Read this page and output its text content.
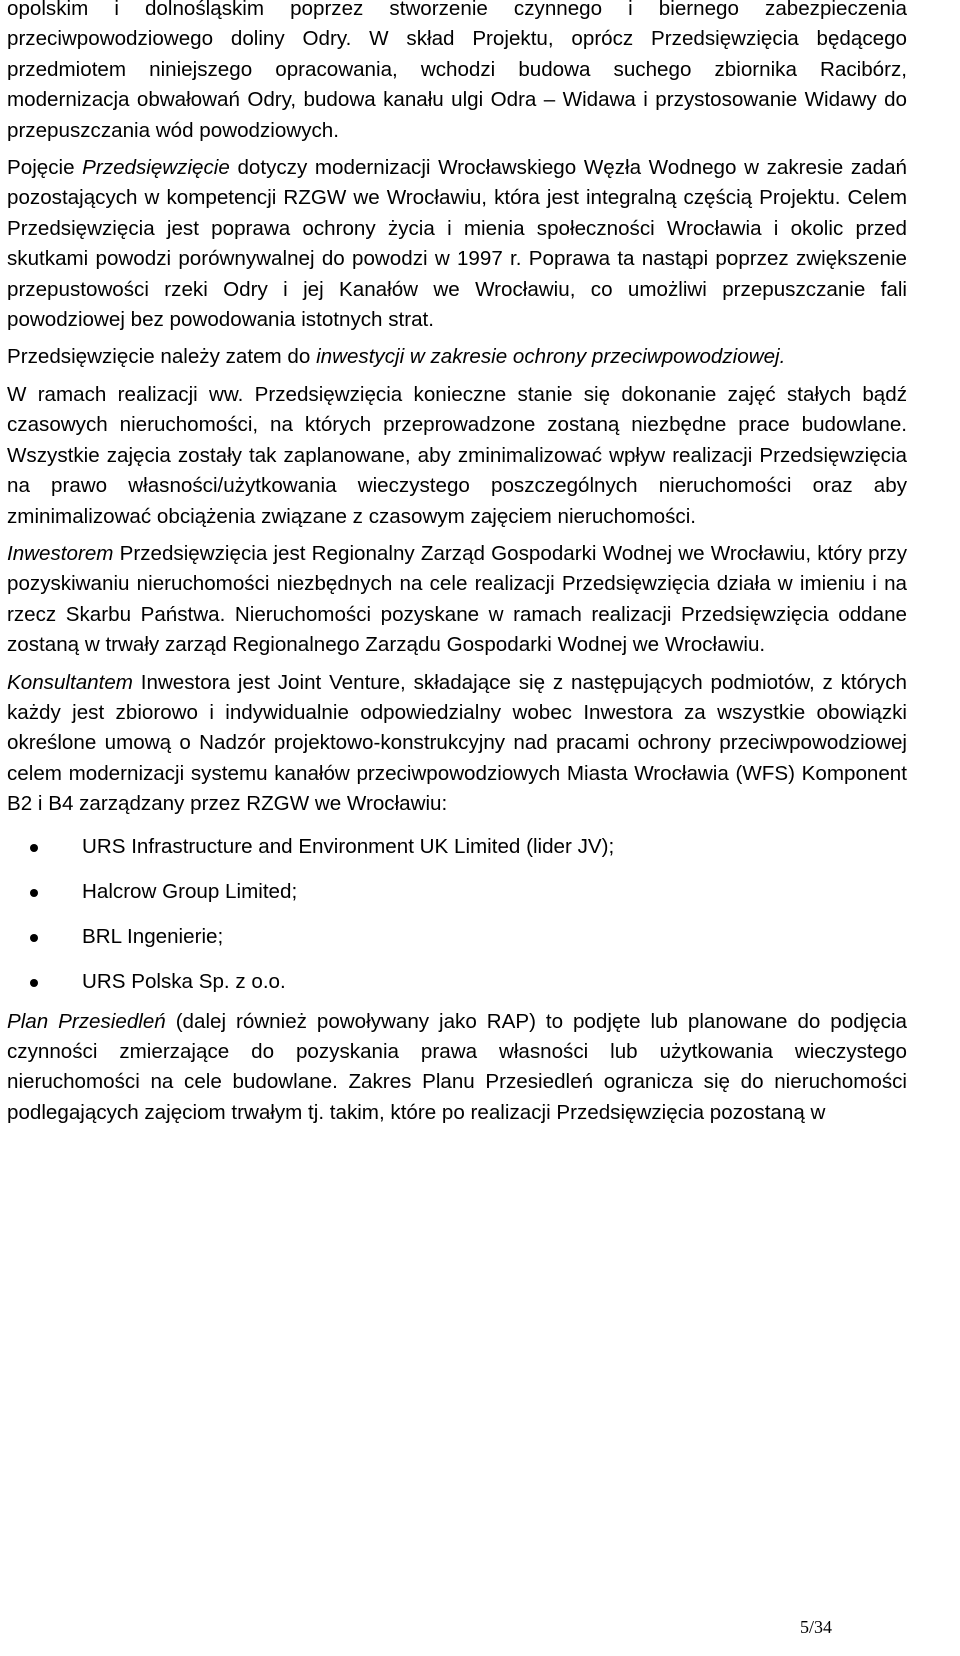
opolskim i dolnośląskim poprzez stworzenie czynnego i biernego zabezpieczenia przeciwpowodziowego doliny Odry. W skład Projektu, oprócz Przedsięwzięcia będącego przedmiotem niniejszego opracowania, wchodzi budowa suchego zbiornika Racibórz, modernizacja obwałowań Odry, budowa kanału ulgi Odra – Widawa i przystosowanie Widawy do przepuszczania wód powodziowych.

Pojęcie Przedsięwzięcie dotyczy modernizacji Wrocławskiego Węzła Wodnego w zakresie zadań pozostających w kompetencji RZGW we Wrocławiu, która jest integralną częścią Projektu. Celem Przedsięwzięcia jest poprawa ochrony życia i mienia społeczności Wrocławia i okolic przed skutkami powodzi porównywalnej do powodzi w 1997 r. Poprawa ta nastąpi poprzez zwiększenie przepustowości rzeki Odry i jej Kanałów we Wrocławiu, co umożliwi przepuszczanie fali powodziowej bez powodowania istotnych strat.

Przedsięwzięcie należy zatem do inwestycji w zakresie ochrony przeciwpowodziowej.

W ramach realizacji ww. Przedsięwzięcia konieczne stanie się dokonanie zajęć stałych bądź czasowych nieruchomości, na których przeprowadzone zostaną niezbędne prace budowlane. Wszystkie zajęcia zostały tak zaplanowane, aby zminimalizować wpływ realizacji Przedsięwzięcia na prawo własności/użytkowania wieczystego poszczególnych nieruchomości oraz aby zminimalizować obciążenia związane z czasowym zajęciem nieruchomości.

Inwestorem Przedsięwzięcia jest Regionalny Zarząd Gospodarki Wodnej we Wrocławiu, który przy pozyskiwaniu nieruchomości niezbędnych na cele realizacji Przedsięwzięcia działa w imieniu i na rzecz Skarbu Państwa. Nieruchomości pozyskane w ramach realizacji Przedsięwzięcia oddane zostaną w trwały zarząd Regionalnego Zarządu Gospodarki Wodnej we Wrocławiu.

Konsultantem Inwestora jest Joint Venture, składające się z następujących podmiotów, z których każdy jest zbiorowo i indywidualnie odpowiedzialny wobec Inwestora za wszystkie obowiązki określone umową o Nadzór projektowo-konstrukcyjny nad pracami ochrony przeciwpowodziowej celem modernizacji systemu kanałów przeciwpowodziowych Miasta Wrocławia (WFS) Komponent B2 i B4 zarządzany przez RZGW we Wrocławiu:

URS Infrastructure and Environment UK Limited (lider JV);
Halcrow Group Limited;
BRL Ingenierie;
URS Polska Sp. z o.o.

Plan Przesiedleń (dalej również powoływany jako RAP) to podjęte lub planowane do podjęcia czynności zmierzające do pozyskania prawa własności lub użytkowania wieczystego nieruchomości na cele budowlane. Zakres Planu Przesiedleń ogranicza się do nieruchomości podlegających zajęciom trwałym tj. takim, które po realizacji Przedsięwzięcia pozostaną w

5/34
